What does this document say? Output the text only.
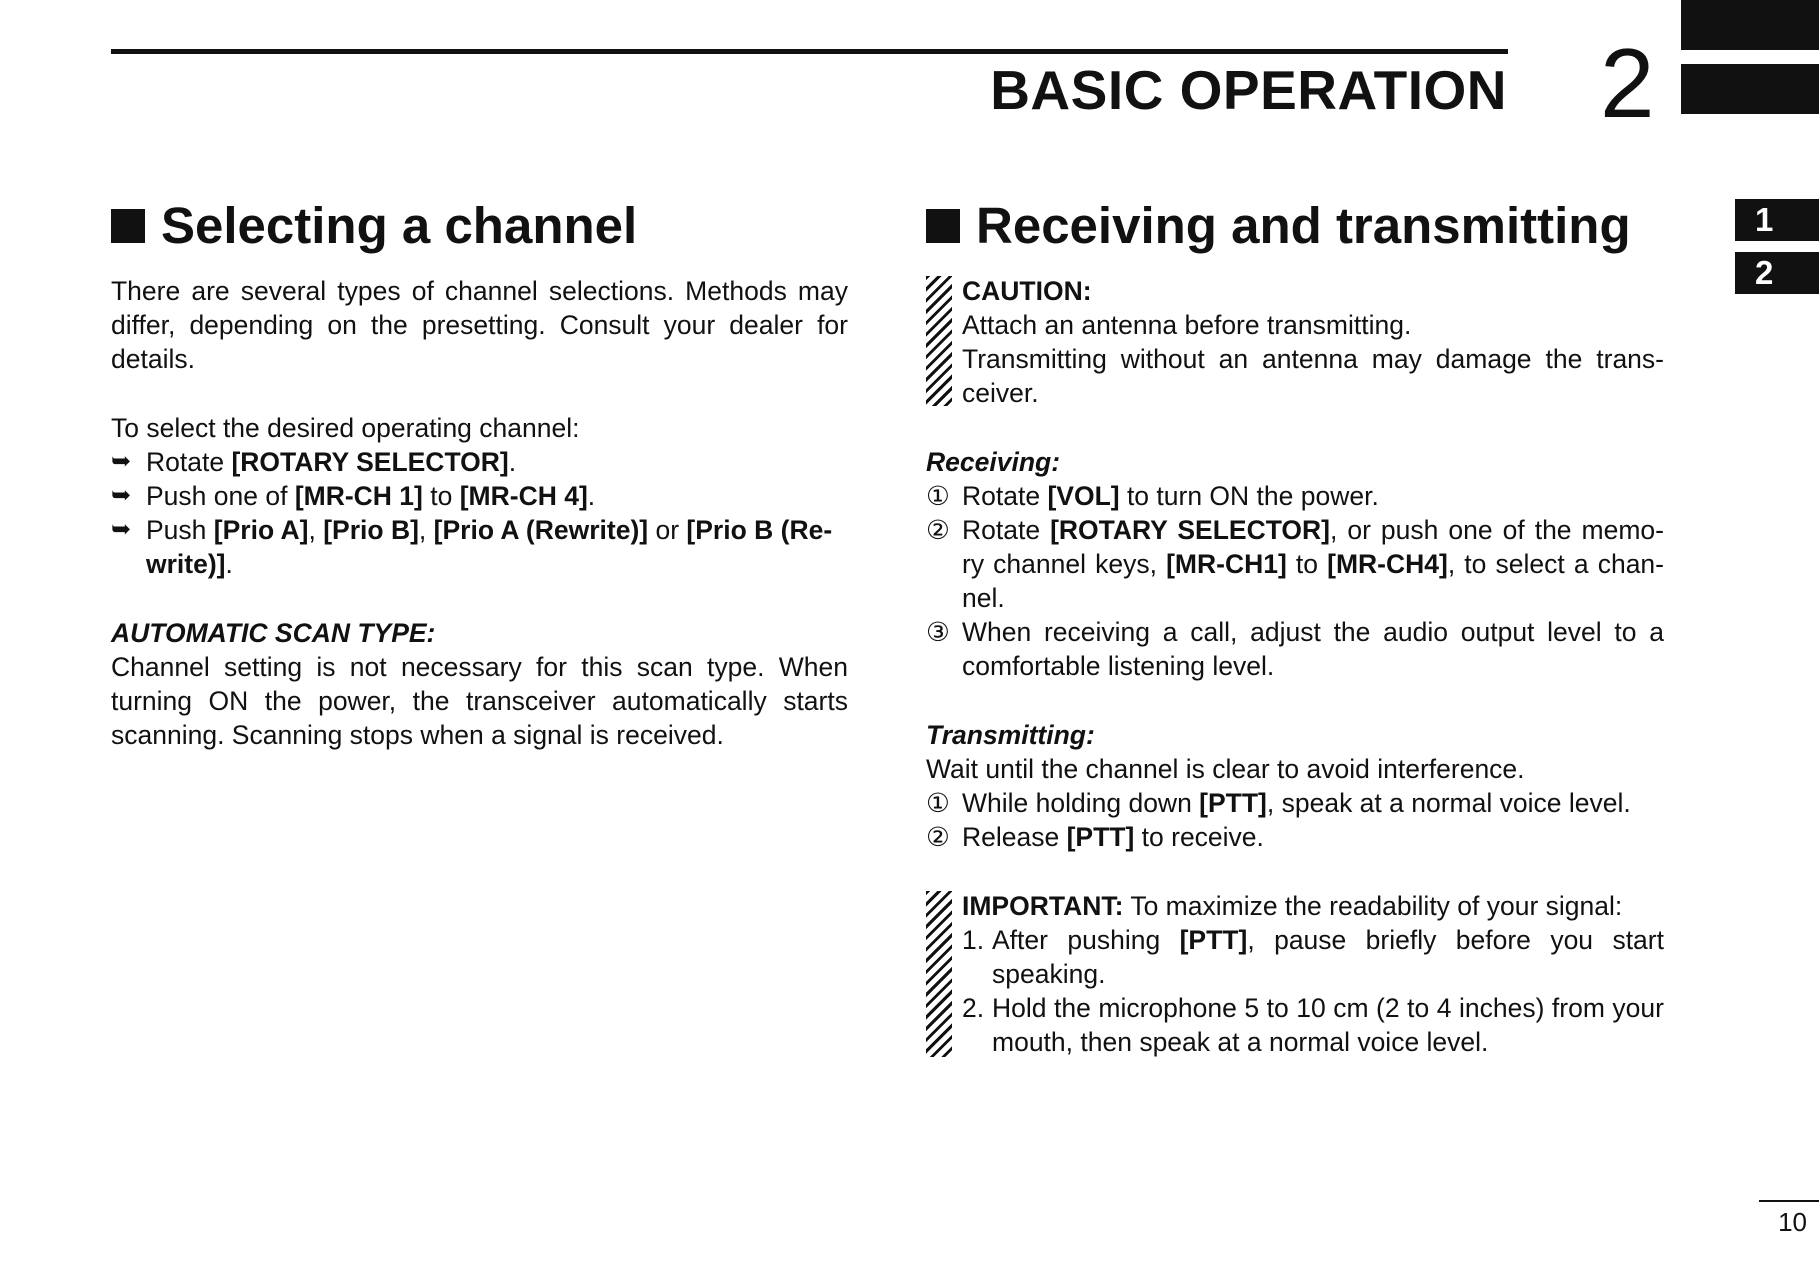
BASIC OPERATION 2
1
2
Selecting a channel	Receiving and transmitting

There are several types of channel selections. Methods may differ, depending on the presetting. Consult your dealer for details.

To select the desired operating channel:

➥ Rotate [ROTARY SELECTOR].
➥ Push one of [MR-CH 1] to [MR-CH 4].
➥ Push [Prio A], [Prio B], [Prio A (Rewrite)] or [Prio B (Re-write)].

AUTOMATIC SCAN TYPE:

Channel setting is not necessary for this scan type. When turning ON the power, the transceiver automatically starts scanning. Scanning stops when a signal is received.

CAUTION:

Attach an antenna before transmitting.

Transmitting without an antenna may damage the trans-ceiver.

Receiving:

① Rotate [VOL] to turn ON the power.
② Rotate [ROTARY SELECTOR], or push one of the memo-ry channel keys, [MR-CH1] to [MR-CH4], to select a chan-nel.
③ When receiving a call, adjust the audio output level to a comfortable listening level.

Transmitting:

Wait until the channel is clear to avoid interference.

① While holding down [PTT], speak at a normal voice level.
② Release [PTT] to receive.

IMPORTANT: To maximize the readability of your signal:

1. After pushing [PTT], pause briefly before you start speaking.
2. Hold the microphone 5 to 10 cm (2 to 4 inches) from your mouth, then speak at a normal voice level.
10
